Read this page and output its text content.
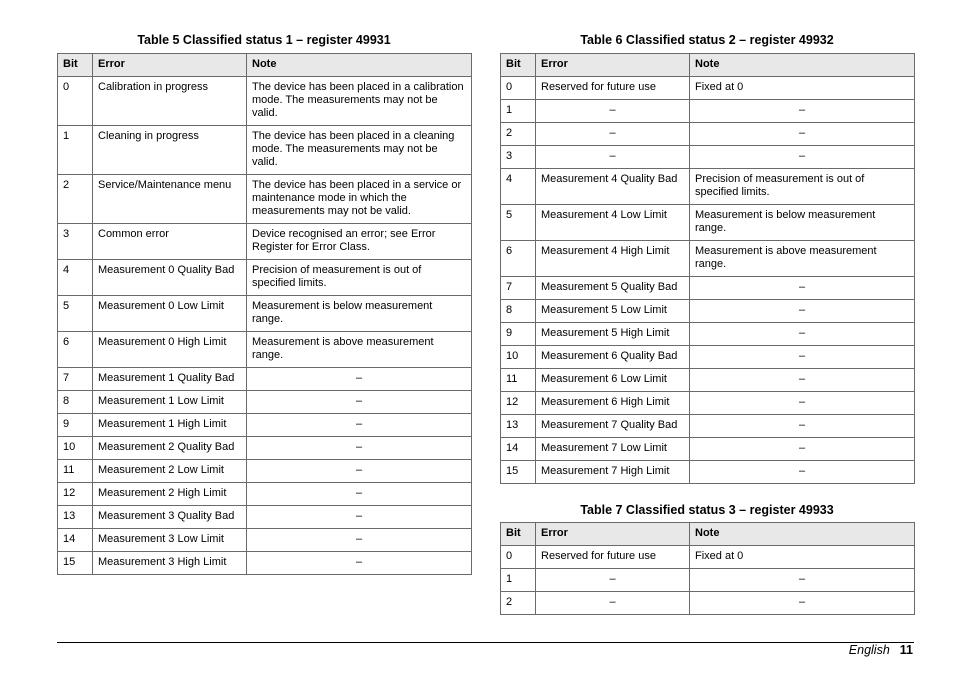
Table 5 Classified status 1 – register 49931
Bit	Error	Note
0	Calibration in progress	The device has been placed in a calibration mode. The measurements may not be valid.
1	Cleaning in progress	The device has been placed in a cleaning mode. The measurements may not be valid.
2	Service/Maintenance menu	The device has been placed in a service or maintenance mode in which the measurements may not be valid.
3	Common error	Device recognised an error; see Error Register for Error Class.
4	Measurement 0 Quality Bad	Precision of measurement is out of specified limits.
5	Measurement 0 Low Limit	Measurement is below measurement range.
6	Measurement 0 High Limit	Measurement is above measurement range.
7	Measurement 1 Quality Bad	–
8	Measurement 1 Low Limit	–
9	Measurement 1 High Limit	–
10	Measurement 2 Quality Bad	–
11	Measurement 2 Low Limit	–
12	Measurement 2 High Limit	–
13	Measurement 3 Quality Bad	–
14	Measurement 3 Low Limit	–
15	Measurement 3 High Limit	–
Table 6 Classified status 2 – register 49932
Bit	Error	Note
0	Reserved for future use	Fixed at 0
1	–	–
2	–	–
3	–	–
4	Measurement 4 Quality Bad	Precision of measurement is out of specified limits.
5	Measurement 4 Low Limit	Measurement is below measurement range.
6	Measurement 4 High Limit	Measurement is above measurement range.
7	Measurement 5 Quality Bad	–
8	Measurement 5 Low Limit	–
9	Measurement 5 High Limit	–
10	Measurement 6 Quality Bad	–
11	Measurement 6 Low Limit	–
12	Measurement 6 High Limit	–
13	Measurement 7 Quality Bad	–
14	Measurement 7 Low Limit	–
15	Measurement 7 High Limit	–
Table 7 Classified status 3 – register 49933
Bit	Error	Note
0	Reserved for future use	Fixed at 0
1	–	–
2	–	–
English 11
